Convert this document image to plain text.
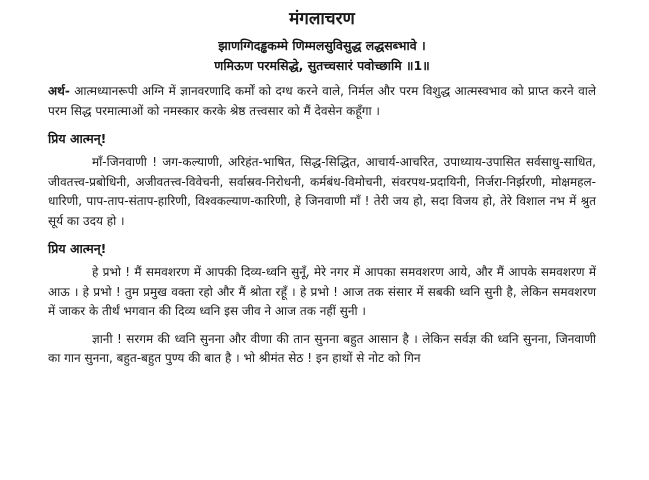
मंगलाचरण

झाणग्गिदड्ढकम्मे णिम्मलसुविसुद्ध लद्धसब्भावे ।

णमिऊण परमसिद्धे, सुतच्चसारं पवोच्छामि ॥1॥

अर्थ- आत्मध्यानरूपी अग्नि में ज्ञानवरणादि कर्मों को दग्ध करने वाले, निर्मल और परम विशुद्ध आत्मस्वभाव को प्राप्त करने वाले परम सिद्ध परमात्माओं को नमस्कार करके श्रेष्ठ तत्त्वसार को मैं देवसेन कहूँगा ।

प्रिय आत्मन्!

माँ-जिनवाणी ! जग-कल्याणी, अरिहंत-भाषित, सिद्ध-सिद्धित, आचार्य-आचरित, उपाध्याय-उपासित सर्वसाधु-साधित, जीवतत्त्व-प्रबोधिनी, अजीवतत्त्व-विवेचनी, सर्वास्रव-निरोधनी, कर्मबंध-विमोचनी, संवरपथ-प्रदायिनी, निर्जरा-निर्झरणी, मोक्षमहल-धारिणी, पाप-ताप-संताप-हारिणी, विश्वकल्याण-कारिणी, हे जिनवाणी माँ ! तेरी जय हो, सदा विजय हो, तेरे विशाल नभ में श्रुत सूर्य का उदय हो ।

प्रिय आत्मन्!

हे प्रभो ! मैं समवशरण में आपकी दिव्य-ध्वनि सुनूँ, मेरे नगर में आपका समवशरण आये, और मैं आपके समवशरण में आऊ । हे प्रभो ! तुम प्रमुख वक्ता रहो और मैं श्रोता रहूँ । हे प्रभो ! आज तक संसार में सबकी ध्वनि सुनी है, लेकिन समवशरण में जाकर के तीर्थं भगवान की दिव्य ध्वनि इस जीव ने आज तक नहीं सुनी ।

ज्ञानी ! सरगम की ध्वनि सुनना और वीणा की तान सुनना बहुत आसान है । लेकिन सर्वज्ञ की ध्वनि सुनना, जिनवाणी का गान सुनना, बहुत-बहुत पुण्य की बात है । भो श्रीमंत सेठ ! इन हाथों से नोट को गिन
